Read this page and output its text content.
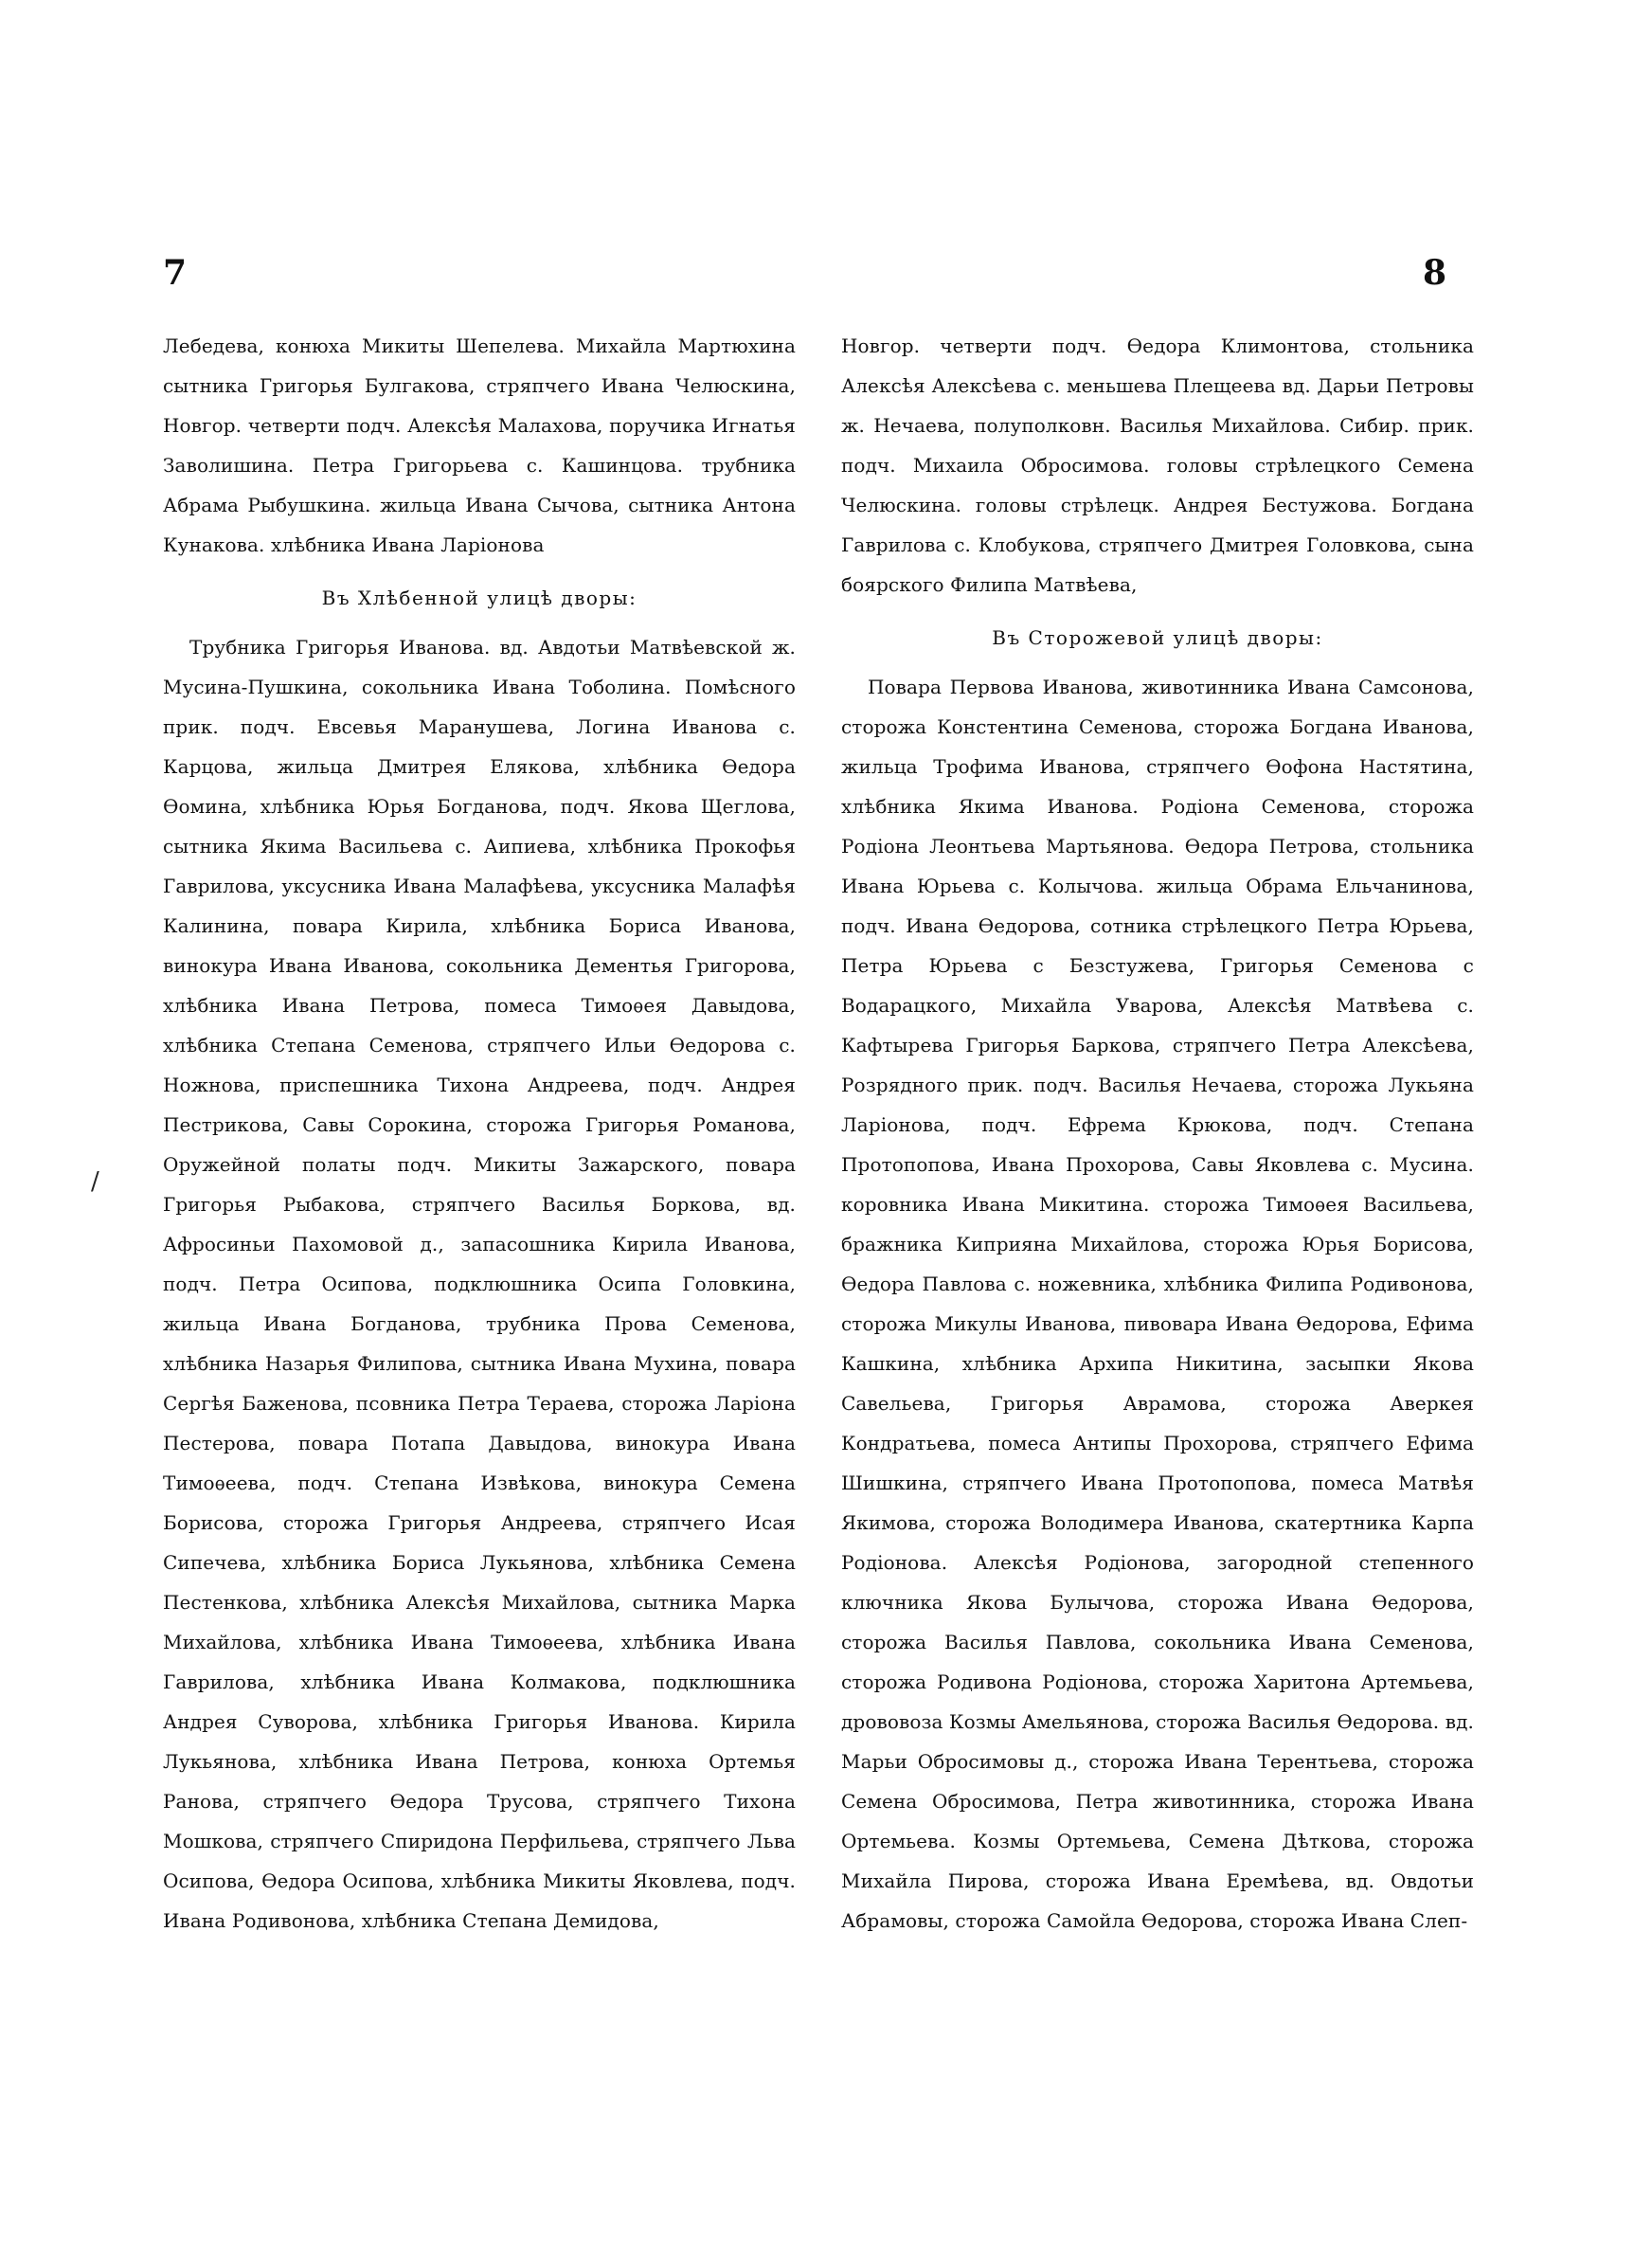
7	8
/

Лебедева, конюха Микиты Шепелева. Михайла Мартюхина сытника Григорья Булгакова, стряпчего Ивана Челюскина, Новгор. четверти подч. Алексѣя Малахова, поручика Игнатья Заволишина. Петра Григорьева с. Кашинцова. трубника Абрама Рыбушкина. жильца Ивана Сычова, сытника Антона Кунакова. хлѣбника Ивана Ларіонова

Въ Хлѣбенной улицѣ дворы:

Трубника Григорья Иванова. вд. Авдотьи Матвѣевской ж. Мусина-Пушкина, сокольника Ивана Тоболина. Помѣсного прик. подч. Евсевья Маранушева, Логина Иванова с. Карцова, жильца Дмитрея Елякова, хлѣбника Ѳедора Ѳомина, хлѣбника Юрья Богданова, подч. Якова Щеглова, сытника Якима Васильева с. Аипиева, хлѣбника Прокофья Гаврилова, уксусника Ивана Малафѣева, уксусника Малафѣя Калинина, повара Кирила, хлѣбника Бориса Иванова, винокура Ивана Иванова, сокольника Дементья Григорова, хлѣбника Ивана Петрова, помеса Тимоѳея Давыдова, хлѣбника Степана Семенова, стряпчего Ильи Ѳедорова с. Ножнова, приспешника Тихона Андреева, подч. Андрея Пестрикова, Савы Сорокина, сторожа Григорья Романова, Оружейной полаты подч. Микиты Зажарского, повара Григорья Рыбакова, стряпчего Василья Боркова, вд. Афросиньи Пахомовой д., запасошника Кирила Иванова, подч. Петра Осипова, подклюшника Осипа Головкина, жильца Ивана Богданова, трубника Прова Семенова, хлѣбника Назарья Филипова, сытника Ивана Мухина, повара Сергѣя Баженова, псовника Петра Тераева, сторожа Ларіона Пестерова, повара Потапа Давыдова, винокура Ивана Тимоѳеева, подч. Степана Извѣкова, винокура Семена Борисова, сторожа Григорья Андреева, стряпчего Исая Сипечева, хлѣбника Бориса Лукьянова, хлѣбника Семена Пестенкова, хлѣбника Алексѣя Михайлова, сытника Марка Михайлова, хлѣбника Ивана Тимоѳеева, хлѣбника Ивана Гаврилова, хлѣбника Ивана Колмакова, подклюшника Андрея Суворова, хлѣбника Григорья Иванова. Кирила Лукьянова, хлѣбника Ивана Петрова, конюха Ортемья Ранова, стряпчего Ѳедора Трусова, стряпчего Тихона Мошкова, стряпчего Спиридона Перфильева, стряпчего Льва Осипова, Ѳедора Осипова, хлѣбника Микиты Яковлева, подч. Ивана Родивонова, хлѣбника Степана Демидова,

Новгор. четверти подч. Ѳедора Климонтова, стольника Алексѣя Алексѣева с. меньшева Плещеева вд. Дарьи Петровы ж. Нечаева, полуполковн. Василья Михайлова. Сибир. прик. подч. Михаила Обросимова. головы стрѣлецкого Семена Челюскина. головы стрѣлецк. Андрея Бестужова. Богдана Гаврилова с. Клобукова, стряпчего Дмитрея Головкова, сына боярского Филипа Матвѣева,

Въ Сторожевой улицѣ дворы:

Повара Первова Иванова, животинника Ивана Самсонова, сторожа Констентина Семенова, сторожа Богдана Иванова, жильца Трофима Иванова, стряпчего Ѳофона Настятина, хлѣбника Якима Иванова. Родіона Семенова, сторожа Родіона Леонтьева Мартьянова. Ѳедора Петрова, стольника Ивана Юрьева с. Колычова. жильца Обрама Ельчанинова, подч. Ивана Ѳедорова, сотника стрѣлецкого Петра Юрьева, Петра Юрьева с Безстужева, Григорья Семенова с Водарацкого, Михайла Уварова, Алексѣя Матвѣева с. Кафтырева Григорья Баркова, стряпчего Петра Алексѣева, Розрядного прик. подч. Василья Нечаева, сторожа Лукьяна Ларіонова, подч. Ефрема Крюкова, подч. Степана Протопопова, Ивана Прохорова, Савы Яковлева с. Мусина. коровника Ивана Микитина. сторожа Тимоѳея Васильева, бражника Киприяна Михайлова, сторожа Юрья Борисова, Ѳедора Павлова с. ножевника, хлѣбника Филипа Родивонова, сторожа Микулы Иванова, пивовара Ивана Ѳедорова, Ефима Кашкина, хлѣбника Архипа Никитина, засыпки Якова Савельева, Григорья Аврамова, сторожа Аверкея Кондратьева, помеса Антипы Прохорова, стряпчего Ефима Шишкина, стряпчего Ивана Протопопова, помеса Матвѣя Якимова, сторожа Володимера Иванова, скатертника Карпа Родіонова. Алексѣя Родіонова, загородной степенного ключника Якова Булычова, сторожа Ивана Ѳедорова, сторожа Василья Павлова, сокольника Ивана Семенова, сторожа Родивона Родіонова, сторожа Харитона Артемьева, дрововоза Козмы Амельянова, сторожа Василья Ѳедорова. вд. Марьи Обросимовы д., сторожа Ивана Терентьева, сторожа Семена Обросимова, Петра животинника, сторожа Ивана Ортемьева. Козмы Ортемьева, Семена Дѣткова, сторожа Михайла Пирова, сторожа Ивана Еремѣева, вд. Овдотьи Абрамовы, сторожа Самойла Ѳедорова, сторожа Ивана Слеп-
